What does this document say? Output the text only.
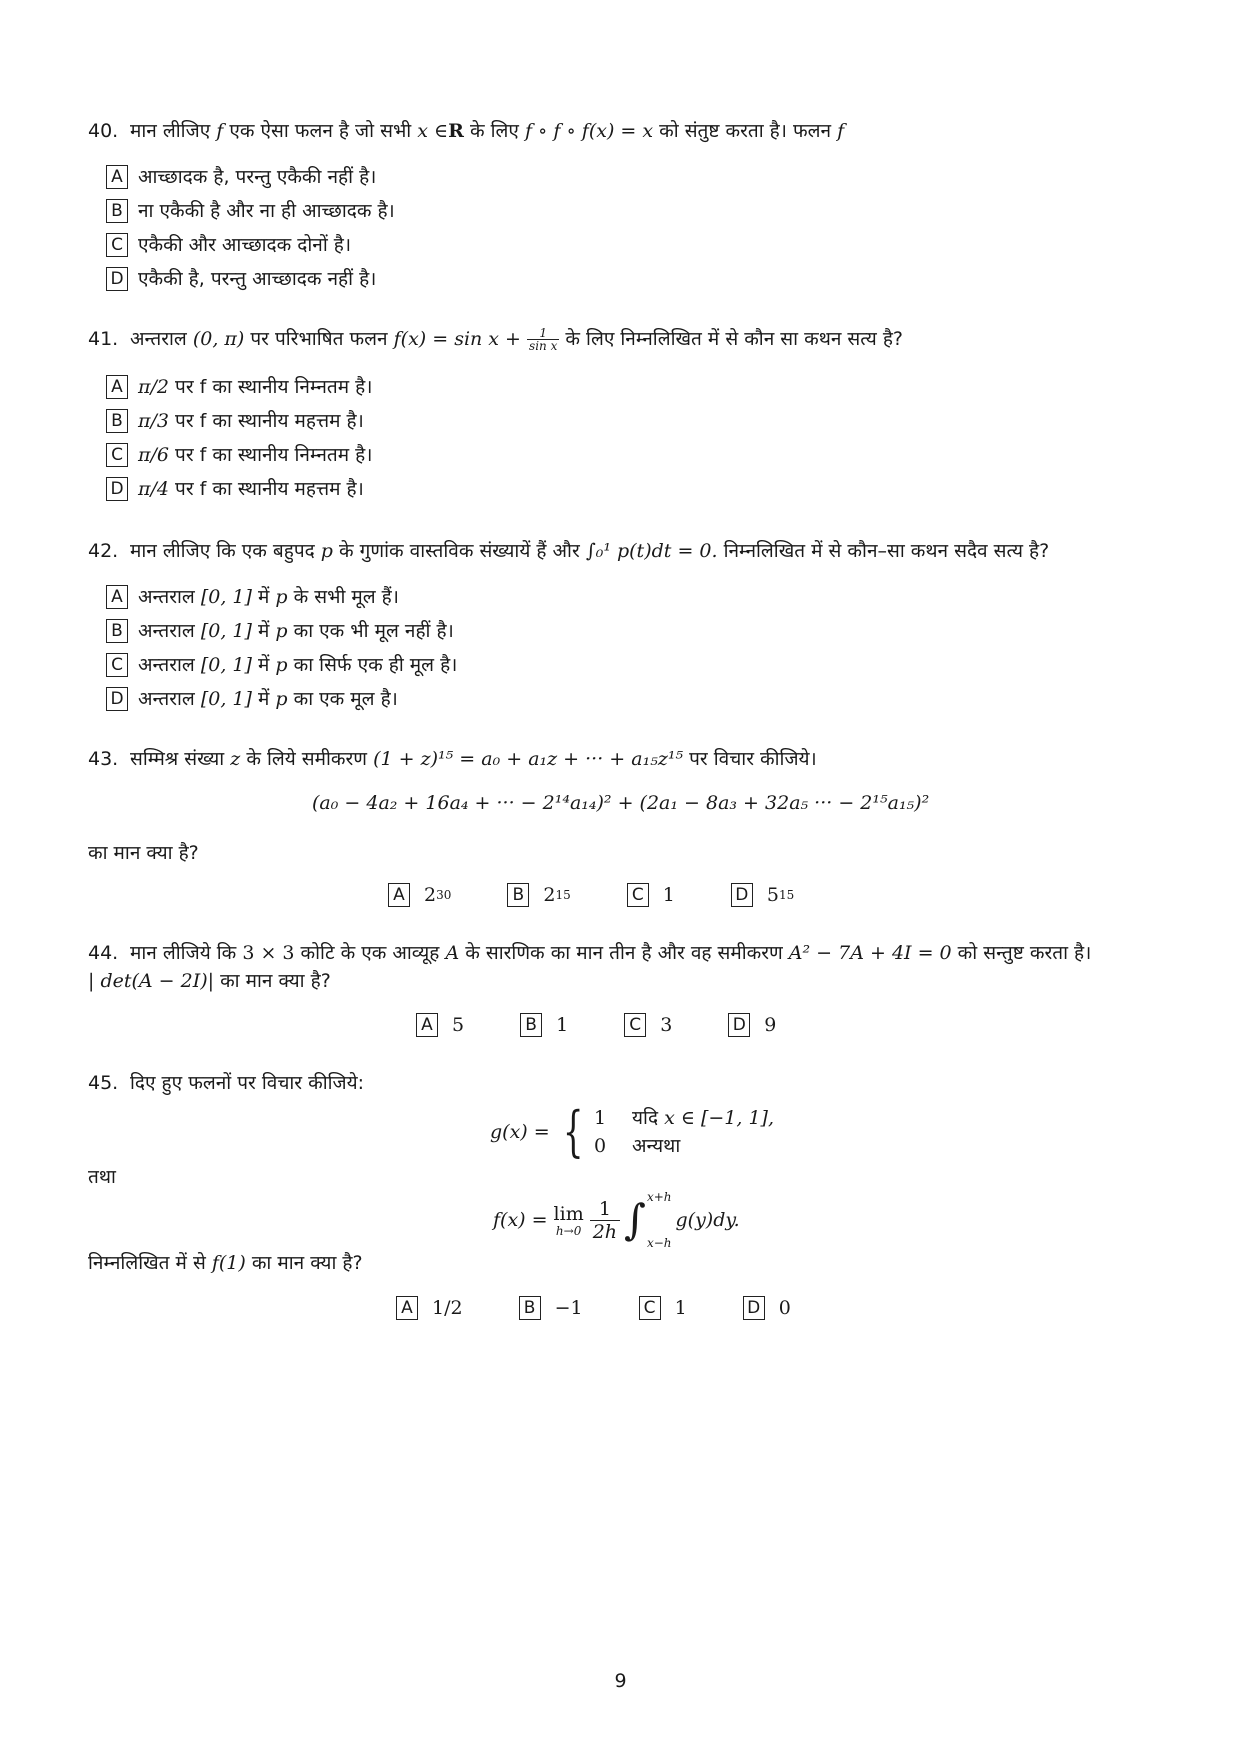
40. मान लीजिए f एक ऐसा फलन है जो सभी x ∈R के लिए f ∘ f ∘ f(x) = x को संतुष्ट करता है। फलन f
A आच्छादक है, परन्तु एकैकी नहीं है।
B ना एकैकी है और ना ही आच्छादक है।
C एकैकी और आच्छादक दोनों है।
D एकैकी है, परन्तु आच्छादक नहीं है।
41. अन्तराल (0, π) पर परिभाषित फलन $f(x) = \sin x + \frac{1}{\text{sin x}}$ के लिए निम्नलिखित में से कौन सा कथन सत्य है?
A π/2
पर f का स्थानीय निम्नतम है।
B π/3
पर f का स्थानीय महत्तम है।
C π/6
पर f का स्थानीय निम्नतम है।
D π/4
पर f का स्थानीय महत्तम है।
42. मान लीजिए कि एक बहुपद p के गुणांक वास्तविक संख्यायें हैं और ∫₀¹ p(t)dt = 0. निम्नलिखित में से कौन–सा कथन सदैव सत्य है?
A अन्तराल
[0, 1]
में
p
के सभी मूल हैं।
B अन्तराल
[0, 1]
में
p
का एक भी मूल नहीं है।
C अन्तराल
[0, 1]
में
p
का सिर्फ एक ही मूल है।
D अन्तराल
[0, 1]
में
p
का एक मूल है।
43. सम्मिश्र संख्या z के लिये समीकरण (1 + z)¹⁵ = a₀ + a₁z + ··· + a₁₅z¹⁵ पर विचार कीजिये।
(a₀ − 4a₂ + 16a₄ + ··· − 2¹⁴a₁₄)² + (2a₁ − 8a₃ + 32a₅ ··· − 2¹⁵a₁₅)²
का मान क्या है?
A 2 30	B 2 15	C 1	D 5 15
44. मान लीजिये कि 3 × 3 कोटि के एक आव्यूह A के सारणिक का मान तीन है और वह समीकरण A² − 7A + 4I = 0 को सन्तुष्ट करता है।
| det(A − 2I)| का मान क्या है?
A 5	B 1	C 3	D 9
45. दिए हुए फलनों पर विचार कीजिये:
g(x) = { 1 यदि x ∈ [−1, 1],
0 अन्यथा
तथा
f(x) = lim
$h\to 0 \frac{1}{2h}$ ∫ x+h
x−h
g(y)dy.
निम्नलिखित में से f(1) का मान क्या है?
A 1/2	B −1	C 1	D 0
9
